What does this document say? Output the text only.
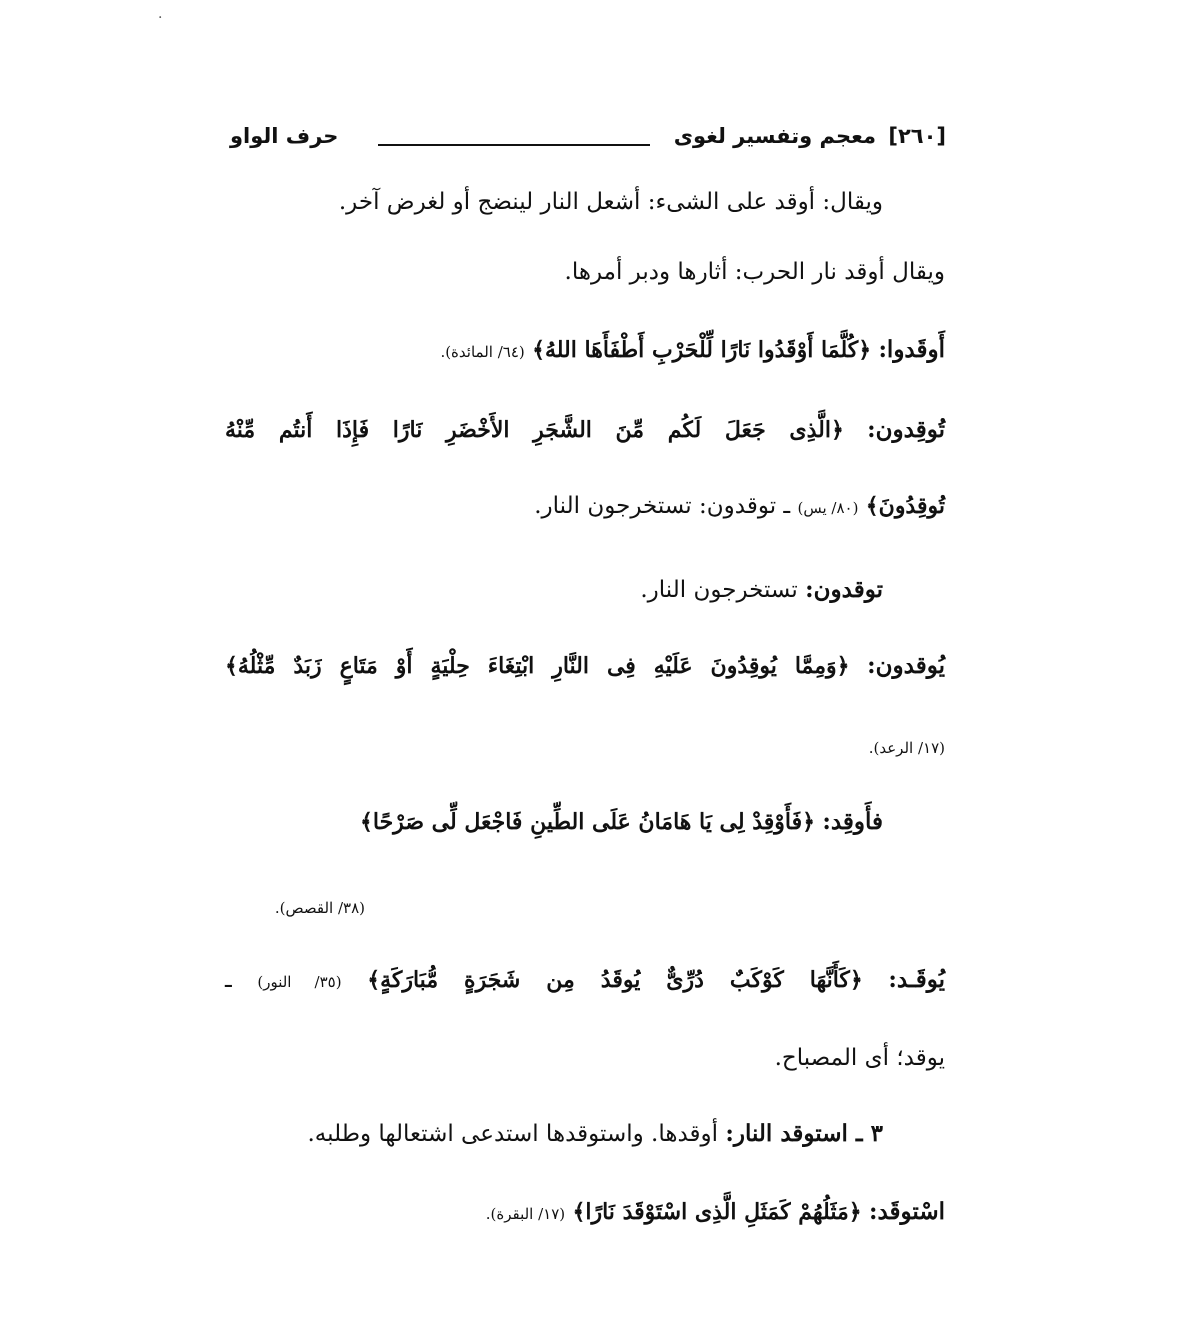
·
[٢٦٠]
معجم وتفسير لغوى
حرف الواو
ويقال: أوقد على الشىء: أشعل النار لينضج أو لغرض آخر.
ويقال أوقد نار الحرب: أثارها ودبر أمرها.
أَوقَدوا: ﴿كُلَّمَا أَوْقَدُوا نَارًا لِّلْحَرْبِ أَطْفَأَهَا اللهُ﴾ (٦٤/ المائدة).
تُوقِدون: ﴿الَّذِى جَعَلَ لَكُم مِّنَ الشَّجَرِ الأَخْضَرِ نَارًا فَإِذَا أَنتُم مِّنْهُ
تُوقِدُونَ﴾ (٨٠/ يس) ـ توقدون: تستخرجون النار.
توقدون: تستخرجون النار.
يُوقدون: ﴿وَمِمَّا يُوقِدُونَ عَلَيْهِ فِى النَّارِ ابْتِغَاءَ حِلْيَةٍ أَوْ مَتَاعٍ زَبَدٌ مِّثْلُهُ﴾
(١٧/ الرعد).
فأَوقِد: ﴿فَأَوْقِدْ لِى يَا هَامَانُ عَلَى الطِّينِ فَاجْعَل لِّى صَرْحًا﴾
(٣٨/ القصص).
يُوقَـد: ﴿كَأَنَّهَا كَوْكَبٌ دُرِّىٌّ يُوقَدُ مِن شَجَرَةٍ مُّبَارَكَةٍ﴾ (٣٥/ النور) ـ
يوقد؛ أى المصباح.
٣ ـ استوقد النار: أوقدها. واستوقدها استدعى اشتعالها وطلبه.
اسْتوقَد: ﴿مَثَلُهُمْ كَمَثَلِ الَّذِى اسْتَوْقَدَ نَارًا﴾ (١٧/ البقرة).
